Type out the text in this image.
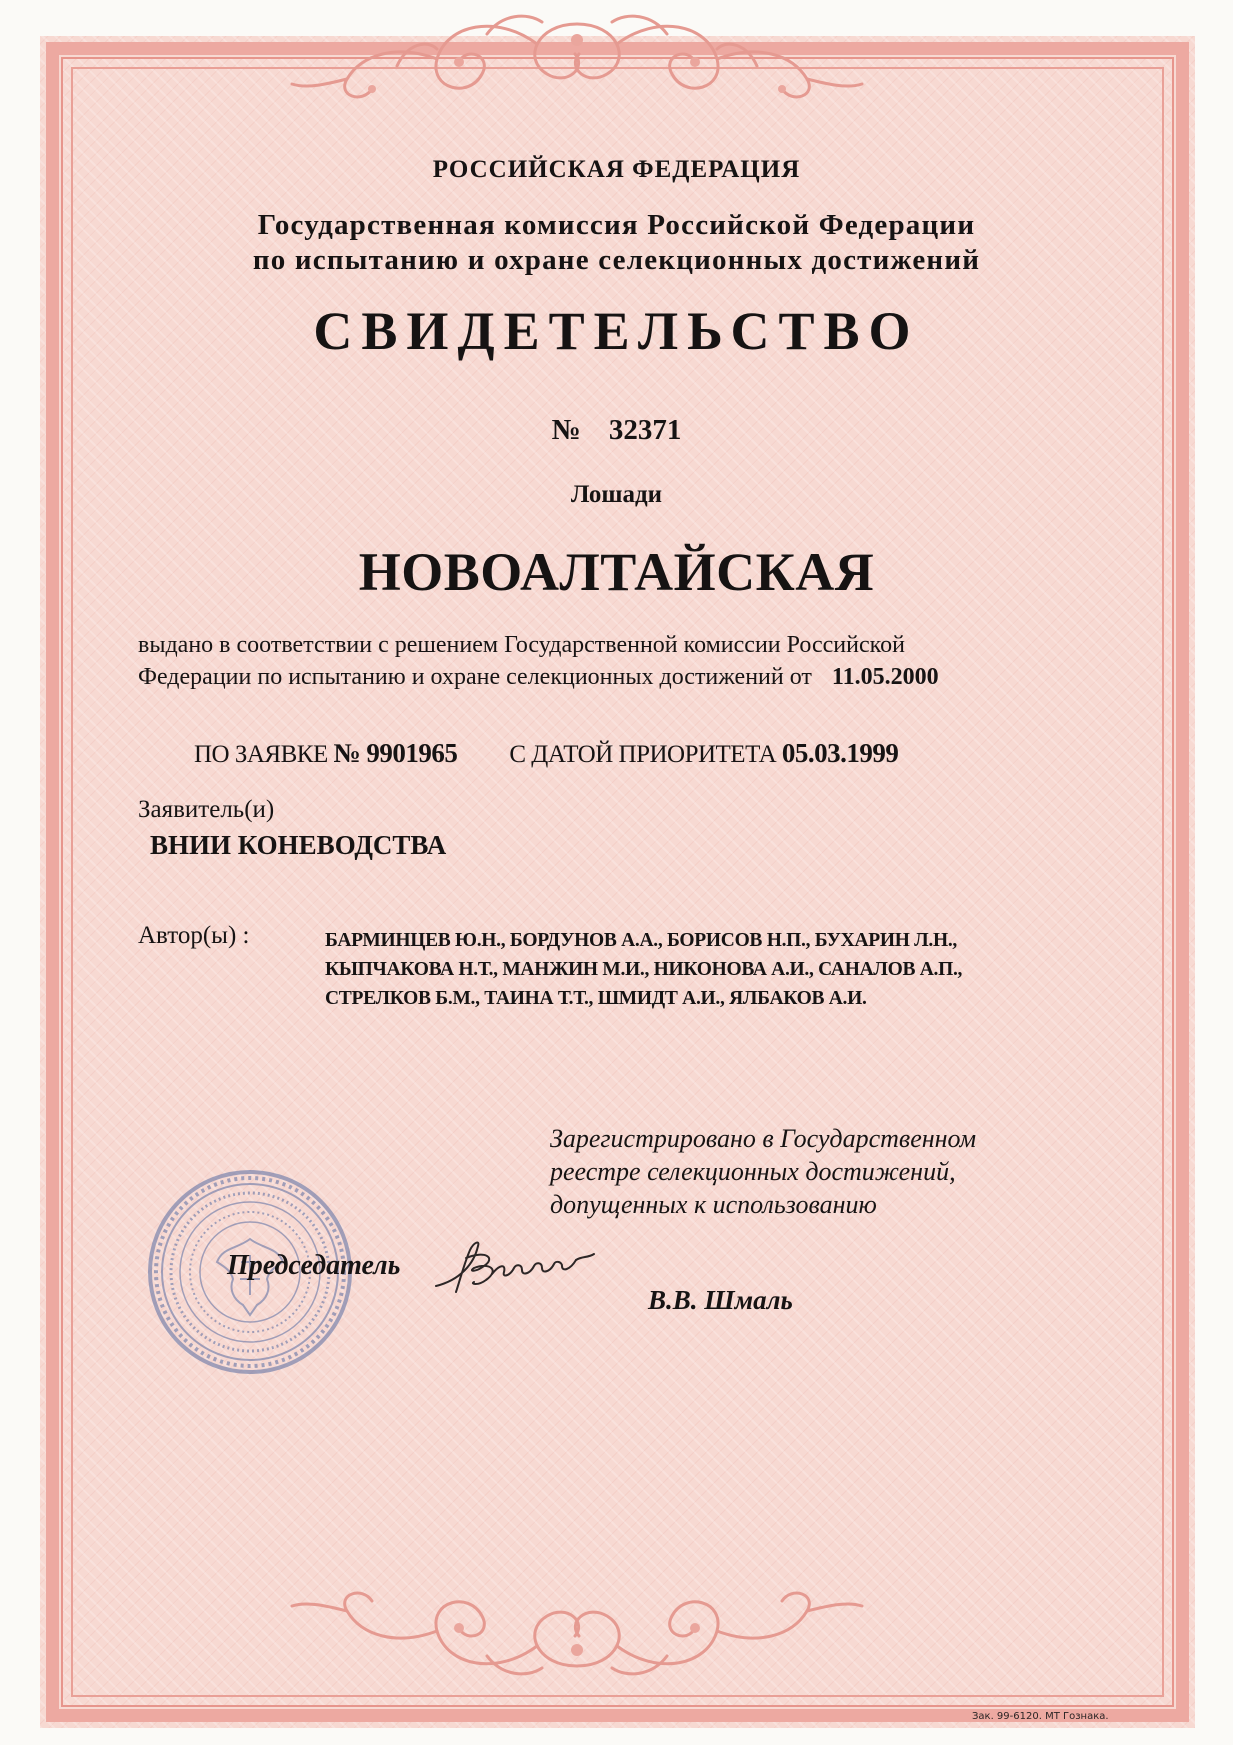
РОССИЙСКАЯ ФЕДЕРАЦИЯ

Государственная комиссия Российской Федерации
по испытанию и охране селекционных достижений

СВИДЕТЕЛЬСТВО

№ 32371

Лошади

НОВОАЛТАЙСКАЯ

выдано в соответствии с решением Государственной комиссии Российской
Федерации по испытанию и охране селекционных достижений от 11.05.2000

ПО ЗАЯВКЕ № 9901965 С ДАТОЙ ПРИОРИТЕТА 05.03.1999

Заявитель(и)

ВНИИ КОНЕВОДСТВА

Автор(ы) :	БАРМИНЦЕВ Ю.Н., БОРДУНОВ А.А., БОРИСОВ Н.П., БУХАРИН Л.Н.,
КЫПЧАКОВА Н.Т., МАНЖИН М.И., НИКОНОВА А.И., САНАЛОВ А.П.,
СТРЕЛКОВ Б.М., ТАИНА Т.Т., ШМИДТ А.И., ЯЛБАКОВ А.И.

Зарегистрировано в Государственном
реестре селекционных достижений,
допущенных к использованию

Председатель

В.В. Шмаль

Зак. 99-6120. МТ Гознака.
